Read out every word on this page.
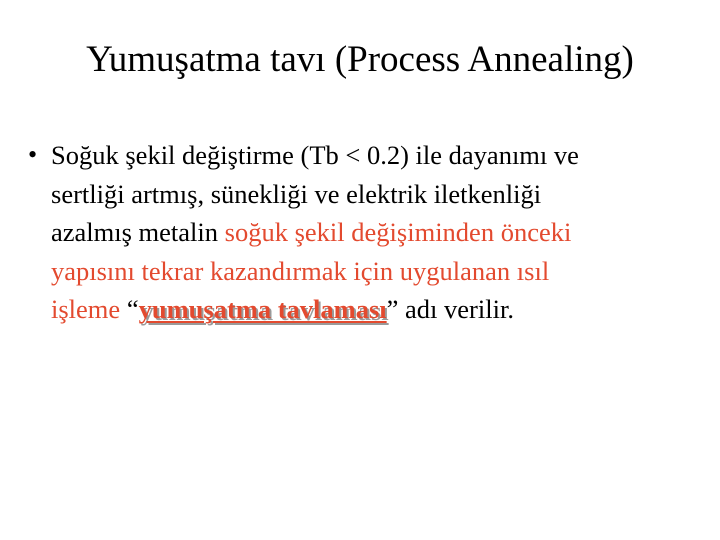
Yumuşatma tavı (Process Annealing)
• Soğuk şekil değiştirme (Tb < 0.2) ile dayanımı ve
sertliği artmış, sünekliği ve elektrik iletkenliği
azalmış metalin soğuk şekil değişiminden önceki
yapısını tekrar kazandırmak için uygulanan ısıl
işleme “yumuşatma tavlaması” adı verilir.
